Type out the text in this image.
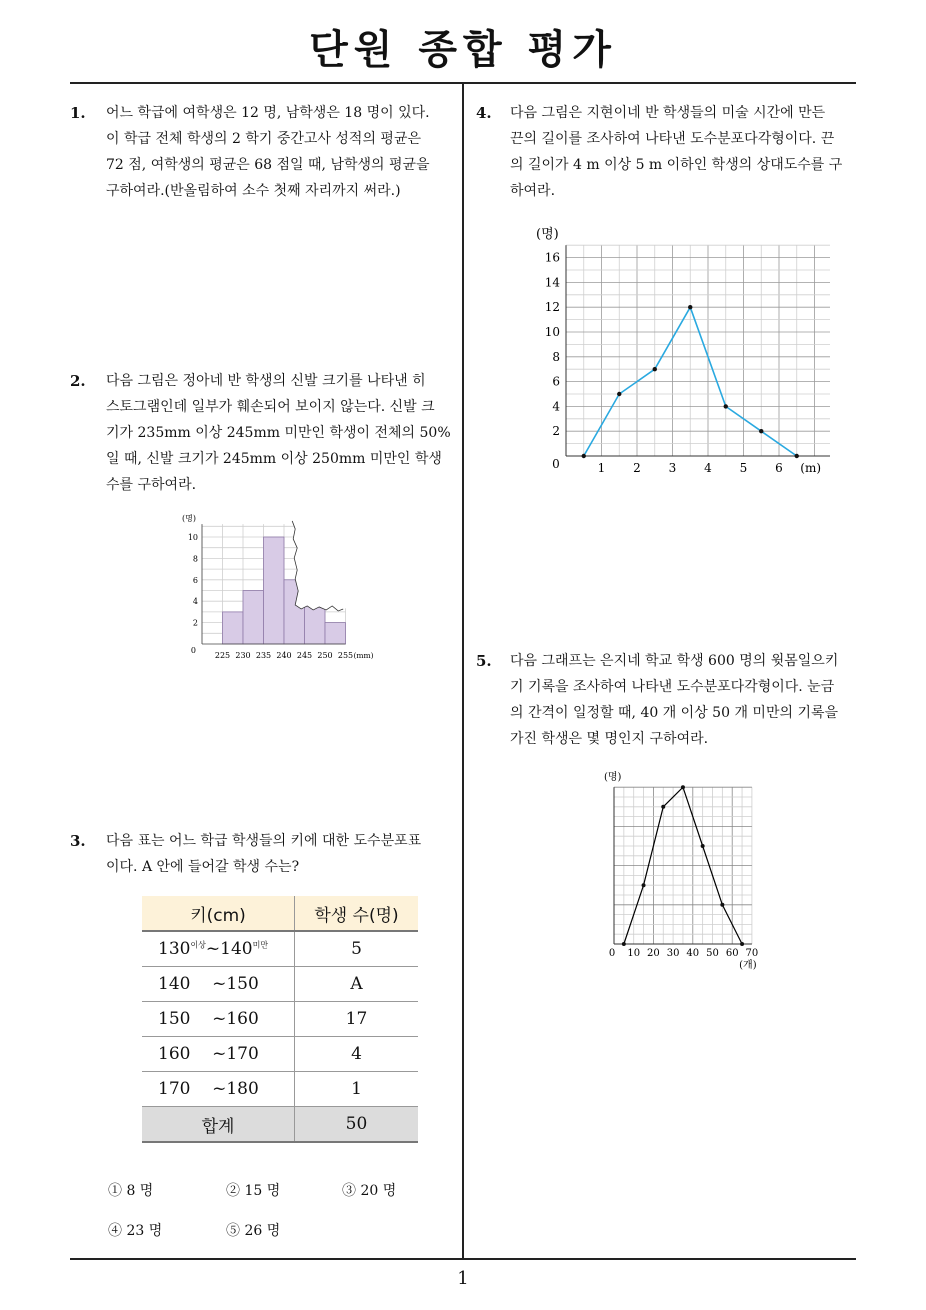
단원 종합 평가
1
1. 어느 학급에 여학생은 12 명, 남학생은 18 명이 있다.
이 학급 전체 학생의 2 학기 중간고사 성적의 평균은
72 점, 여학생의 평균은 68 점일 때, 남학생의 평균을
구하여라.(반올림하여 소수 첫째 자리까지 써라.)
2. 다음 그림은 정아네 반 학생의 신발 크기를 나타낸 히
스토그램인데 일부가 훼손되어 보이지 않는다. 신발 크
기가 235mm 이상 245mm 미만인 학생이 전체의 50%
일 때, 신발 크기가 245mm 이상 250mm 미만인 학생
수를 구하여라.
(명)
0
2
4
6
8
10
225 230 235 240 245 250 255 (mm)
3. 다음 표는 어느 학급 학생들의 키에 대한 도수분포표
이다. A 안에 들어갈 학생 수는?
키(cm)	학생 수(명)
$130^{이상}\sim 140^{미만}$	5
140    ~150	A
150    ~160	17
160    ~170	4
170    ~180	1
합계	50
① 8 명	② 15 명	③ 20 명
④ 23 명	⑤ 26 명
4. 다음 그림은 지현이네 반 학생들의 미술 시간에 만든
끈의 길이를 조사하여 나타낸 도수분포다각형이다. 끈
의 길이가 4 m 이상 5 m 이하인 학생의 상대도수를 구
하여라.
(명)
2
4
6
8
10
12
14
16
0	1 2 3 4 5 6 (m)
5. 다음 그래프는 은지네 학교 학생 600 명의 윗몸일으키
기 기록을 조사하여 나타낸 도수분포다각형이다. 눈금
의 간격이 일정할 때, 40 개 이상 50 개 미만의 기록을
가진 학생은 몇 명인지 구하여라.
(명)
0 10 20 30 40 50 60 70
(개)
